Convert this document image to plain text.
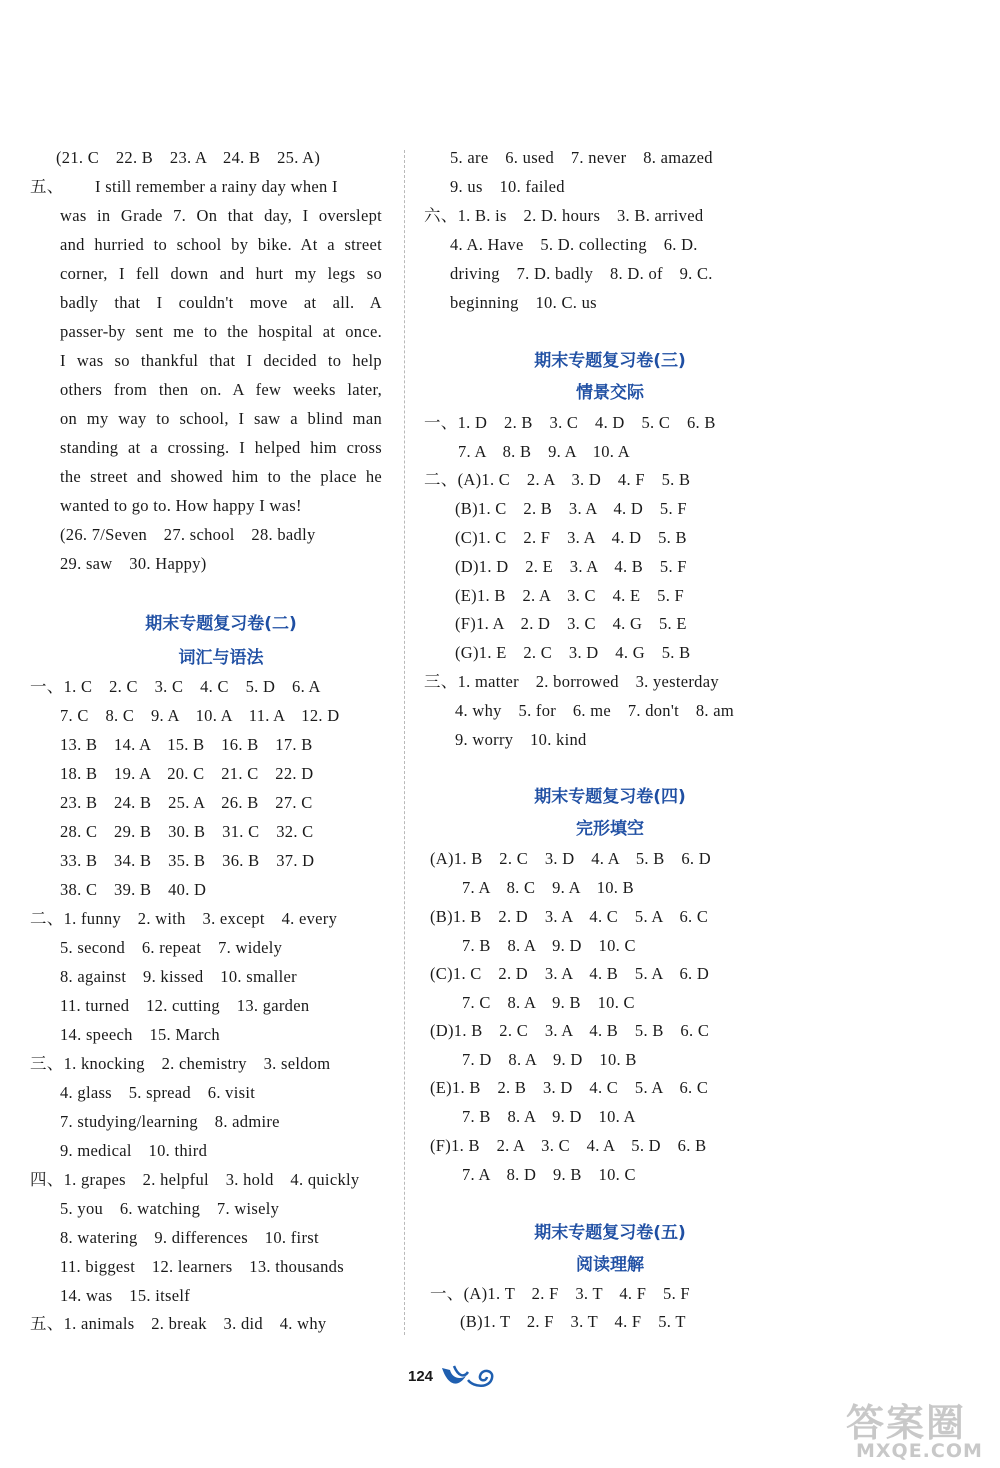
(21. C　22. B　23. A　24. B　25. A)
五、 I still remember a rainy day when I
was in Grade 7. On that day, I overslept
and hurried to school by bike. At a street
corner, I fell down and hurt my legs so
badly that I couldn't move at all. A
passer-by sent me to the hospital at once.
I was so thankful that I decided to help
others from then on. A few weeks later,
on my way to school, I saw a blind man
standing at a crossing. I helped him cross
the street and showed him to the place he
wanted to go to. How happy I was!
(26. 7/Seven　27. school　28. badly
29. saw　30. Happy)
期末专题复习卷(二)
词汇与语法
一、1. C　2. C　3. C　4. C　5. D　6. A
7. C　8. C　9. A　10. A　11. A　12. D
13. B　14. A　15. B　16. B　17. B
18. B　19. A　20. C　21. C　22. D
23. B　24. B　25. A　26. B　27. C
28. C　29. B　30. B　31. C　32. C
33. B　34. B　35. B　36. B　37. D
38. C　39. B　40. D
二、1. funny　2. with　3. except　4. every
5. second　6. repeat　7. widely
8. against　9. kissed　10. smaller
11. turned　12. cutting　13. garden
14. speech　15. March
三、1. knocking　2. chemistry　3. seldom
4. glass　5. spread　6. visit
7. studying/learning　8. admire
9. medical　10. third
四、1. grapes　2. helpful　3. hold　4. quickly
5. you　6. watching　7. wisely
8. watering　9. differences　10. first
11. biggest　12. learners　13. thousands
14. was　15. itself
五、1. animals　2. break　3. did　4. why
5. are　6. used　7. never　8. amazed
9. us　10. failed
六、1. B. is　2. D. hours　3. B. arrived
4. A. Have　5. D. collecting　6. D.
driving　7. D. badly　8. D. of　9. C.
beginning　10. C. us
期末专题复习卷(三)
情景交际
一、1. D　2. B　3. C　4. D　5. C　6. B
7. A　8. B　9. A　10. A
二、(A)1. C　2. A　3. D　4. F　5. B
(B)1. C　2. B　3. A　4. D　5. F
(C)1. C　2. F　3. A　4. D　5. B
(D)1. D　2. E　3. A　4. B　5. F
(E)1. B　2. A　3. C　4. E　5. F
(F)1. A　2. D　3. C　4. G　5. E
(G)1. E　2. C　3. D　4. G　5. B
三、1. matter　2. borrowed　3. yesterday
4. why　5. for　6. me　7. don't　8. am
9. worry　10. kind
期末专题复习卷(四)
完形填空
(A)1. B　2. C　3. D　4. A　5. B　6. D
7. A　8. C　9. A　10. B
(B)1. B　2. D　3. A　4. C　5. A　6. C
7. B　8. A　9. D　10. C
(C)1. C　2. D　3. A　4. B　5. A　6. D
7. C　8. A　9. B　10. C
(D)1. B　2. C　3. A　4. B　5. B　6. C
7. D　8. A　9. D　10. B
(E)1. B　2. B　3. D　4. C　5. A　6. C
7. B　8. A　9. D　10. A
(F)1. B　2. A　3. C　4. A　5. D　6. B
7. A　8. D　9. B　10. C
期末专题复习卷(五)
阅读理解
一、(A)1. T　2. F　3. T　4. F　5. F
(B)1. T　2. F　3. T　4. F　5. T
124
答案圈
MXQE.COM
